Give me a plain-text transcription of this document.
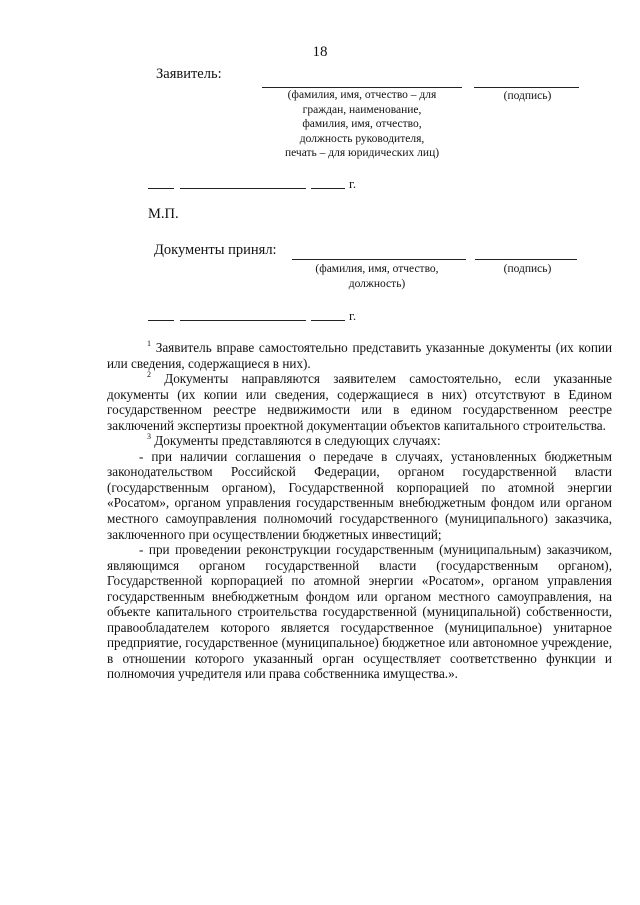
18
Заявитель:
(фамилия, имя, отчество – для
граждан, наименование,
фамилия, имя, отчество,
должность руководителя,
печать – для юридических лиц)
(подпись)
г.
М.П.
Документы принял:
(фамилия, имя, отчество,
должность)
(подпись)
г.

$^1$ Заявитель вправе самостоятельно представить указанные документы (их копии или сведения, содержащиеся в них).

$^2$ Документы направляются заявителем самостоятельно, если указанные документы (их копии или сведения, содержащиеся в них) отсутствуют в Едином государственном реестре недвижимости или в едином государственном реестре заключений экспертизы проектной документации объектов капитального строительства.

$^3$ Документы представляются в следующих случаях:

- при наличии соглашения о передаче в случаях, установленных бюджетным законодательством Российской Федерации, органом государственной власти (государственным органом), Государственной корпорацией по атомной энергии «Росатом», органом управления государственным внебюджетным фондом или органом местного самоуправления полномочий государственного (муниципального) заказчика, заключенного при осуществлении бюджетных инвестиций;

- при проведении реконструкции государственным (муниципальным) заказчиком, являющимся органом государственной власти (государственным органом), Государственной корпорацией по атомной энергии «Росатом», органом управления государственным внебюджетным фондом или органом местного самоуправления, на объекте капитального строительства государственной (муниципальной) собственности, правообладателем которого является государственное (муниципальное) унитарное предприятие, государственное (муниципальное) бюджетное или автономное учреждение, в отношении которого указанный орган осуществляет соответственно функции и полномочия учредителя или права собственника имущества.».
